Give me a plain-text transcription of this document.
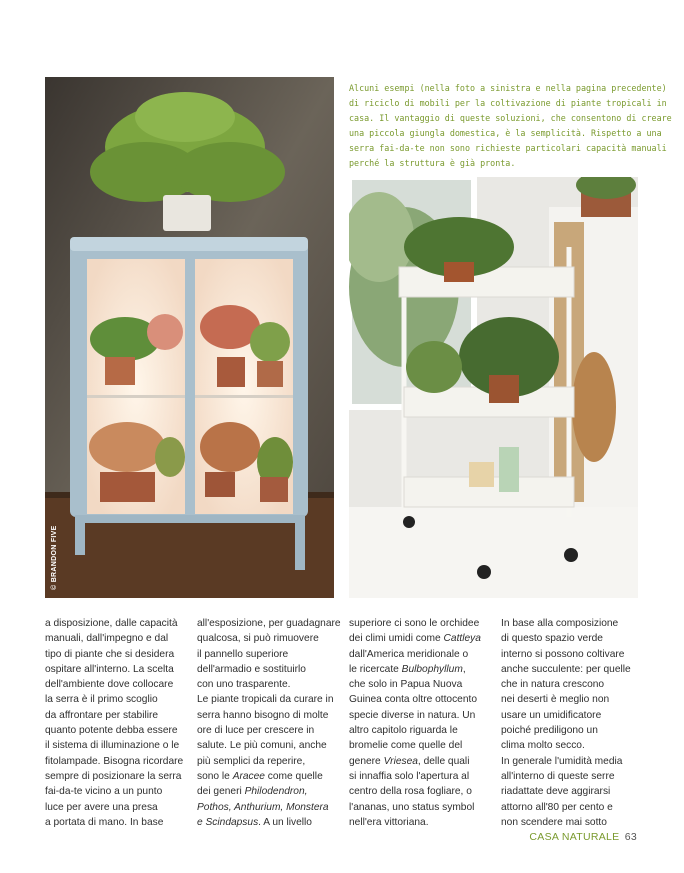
© BRANDON FIVE
Alcuni esempi (nella foto a sinistra e nella pagina precedente)
di riciclo di mobili per la coltivazione di piante tropicali in
casa. Il vantaggio di queste soluzioni, che consentono di creare
una piccola giungla domestica, è la semplicità. Rispetto a una
serra fai-da-te non sono richieste particolari capacità manuali
perché la struttura è già pronta.
a disposizione, dalle capacità
manuali, dall'impegno e dal
tipo di piante che si desidera
ospitare all'interno. La scelta
dell'ambiente dove collocare
la serra è il primo scoglio
da affrontare per stabilire
quanto potente debba essere
il sistema di illuminazione o le
fitolampade. Bisogna ricordare
sempre di posizionare la serra
fai-da-te vicino a un punto
luce per avere una presa
a portata di mano. In base
all'esposizione, per guadagnare
qualcosa, si può rimuovere
il pannello superiore
dell'armadio e sostituirlo
con uno trasparente.
Le piante tropicali da curare in
serra hanno bisogno di molte
ore di luce per crescere in
salute. Le più comuni, anche
più semplici da reperire,
sono le Aracee come quelle
dei generi Philodendron,
Pothos, Anthurium, Monstera
e Scindapsus. A un livello
superiore ci sono le orchidee
dei climi umidi come Cattleya
dall'America meridionale o
le ricercate Bulbophyllum,
che solo in Papua Nuova
Guinea conta oltre ottocento
specie diverse in natura. Un
altro capitolo riguarda le
bromelie come quelle del
genere Vriesea, delle quali
si innaffia solo l'apertura al
centro della rosa fogliare, o
l'ananas, uno status symbol
nell'era vittoriana.
In base alla composizione
di questo spazio verde
interno si possono coltivare
anche succulente: per quelle
che in natura crescono
nei deserti è meglio non
usare un umidificatore
poiché prediligono un
clima molto secco.
In generale l'umidità media
all'interno di queste serre
riadattate deve aggirarsi
attorno all'80 per cento e
non scendere mai sotto
CASA NATURALE 63
